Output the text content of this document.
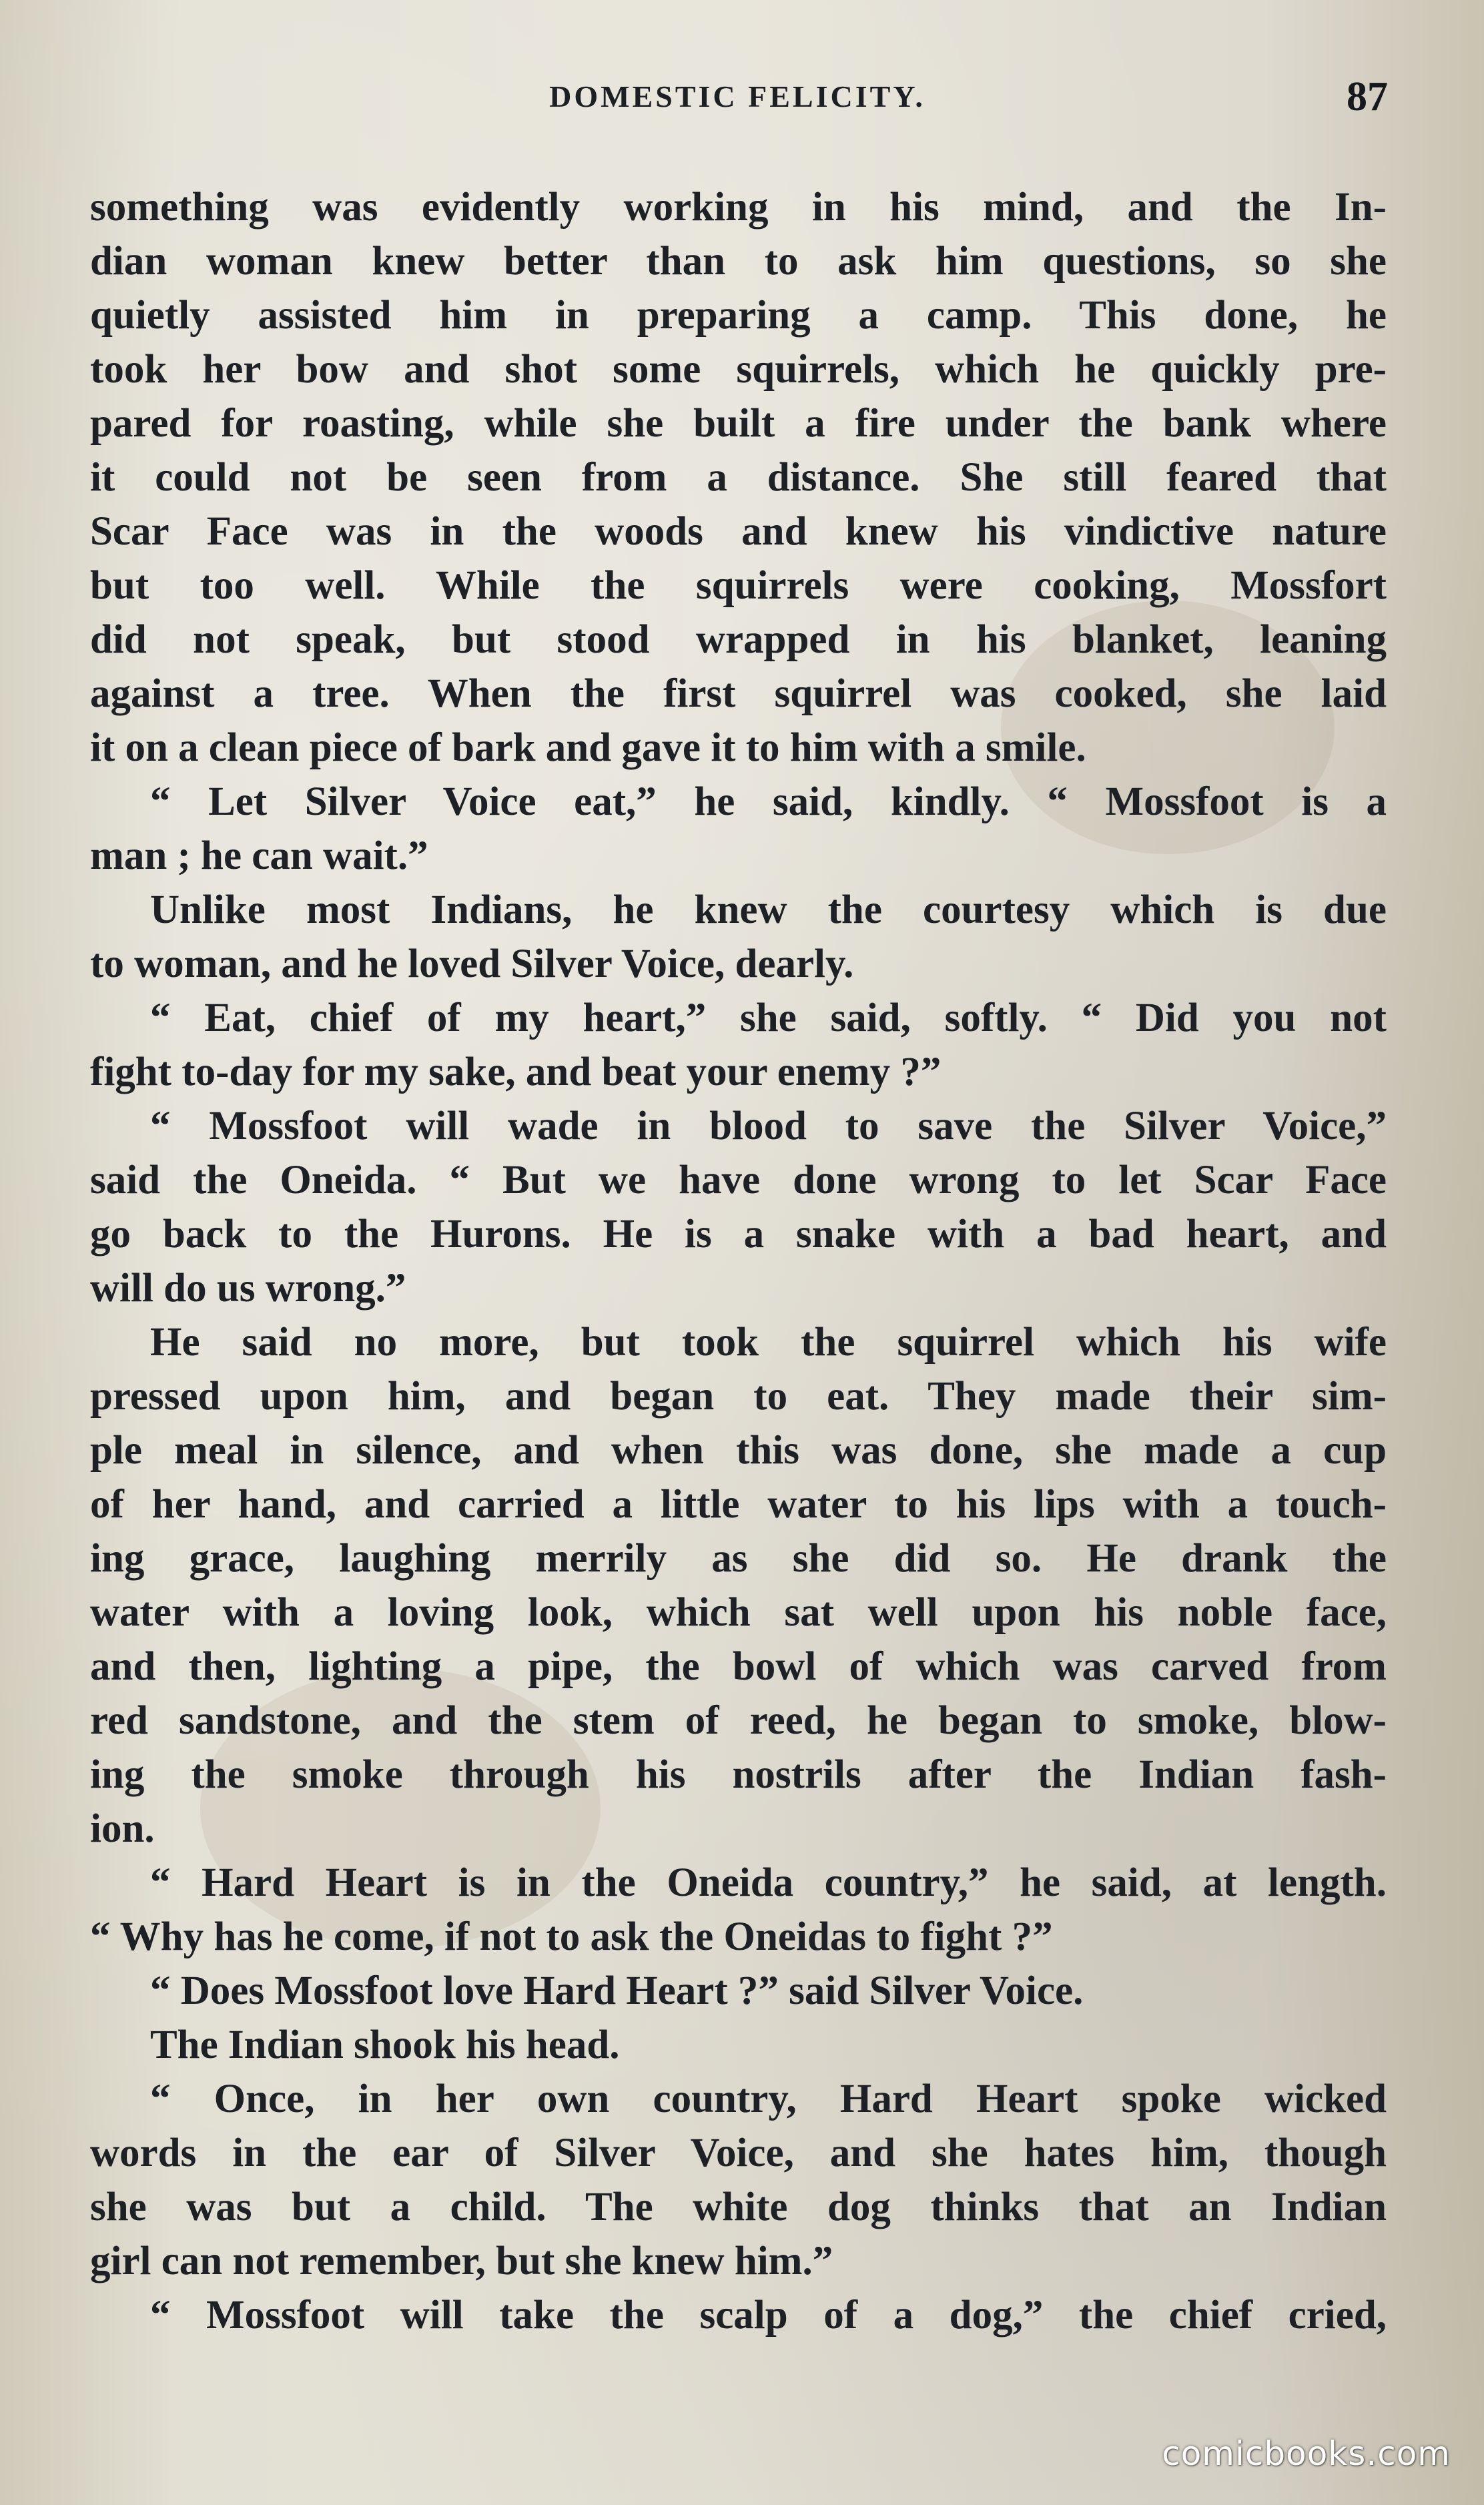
DOMESTIC FELICITY.	87
something was evidently working in his mind, and the In-
dian woman knew better than to ask him questions, so she
quietly assisted him in preparing a camp. This done, he
took her bow and shot some squirrels, which he quickly pre-
pared for roasting, while she built a fire under the bank where
it could not be seen from a distance. She still feared that
Scar Face was in the woods and knew his vindictive nature
but too well. While the squirrels were cooking, Mossfort
did not speak, but stood wrapped in his blanket, leaning
against a tree. When the first squirrel was cooked, she laid
it on a clean piece of bark and gave it to him with a smile.
“ Let Silver Voice eat,” he said, kindly. “ Mossfoot is a
man ; he can wait.”
Unlike most Indians, he knew the courtesy which is due
to woman, and he loved Silver Voice, dearly.
“ Eat, chief of my heart,” she said, softly. “ Did you not
fight to-day for my sake, and beat your enemy ?”
“ Mossfoot will wade in blood to save the Silver Voice,”
said the Oneida. “ But we have done wrong to let Scar Face
go back to the Hurons. He is a snake with a bad heart, and
will do us wrong.”
He said no more, but took the squirrel which his wife
pressed upon him, and began to eat. They made their sim-
ple meal in silence, and when this was done, she made a cup
of her hand, and carried a little water to his lips with a touch-
ing grace, laughing merrily as she did so. He drank the
water with a loving look, which sat well upon his noble face,
and then, lighting a pipe, the bowl of which was carved from
red sandstone, and the stem of reed, he began to smoke, blow-
ing the smoke through his nostrils after the Indian fash-
ion.
“ Hard Heart is in the Oneida country,” he said, at length.
“ Why has he come, if not to ask the Oneidas to fight ?”
“ Does Mossfoot love Hard Heart ?” said Silver Voice.
The Indian shook his head.
“ Once, in her own country, Hard Heart spoke wicked
words in the ear of Silver Voice, and she hates him, though
she was but a child. The white dog thinks that an Indian
girl can not remember, but she knew him.”
“ Mossfoot will take the scalp of a dog,” the chief cried,
comicbooks.com
